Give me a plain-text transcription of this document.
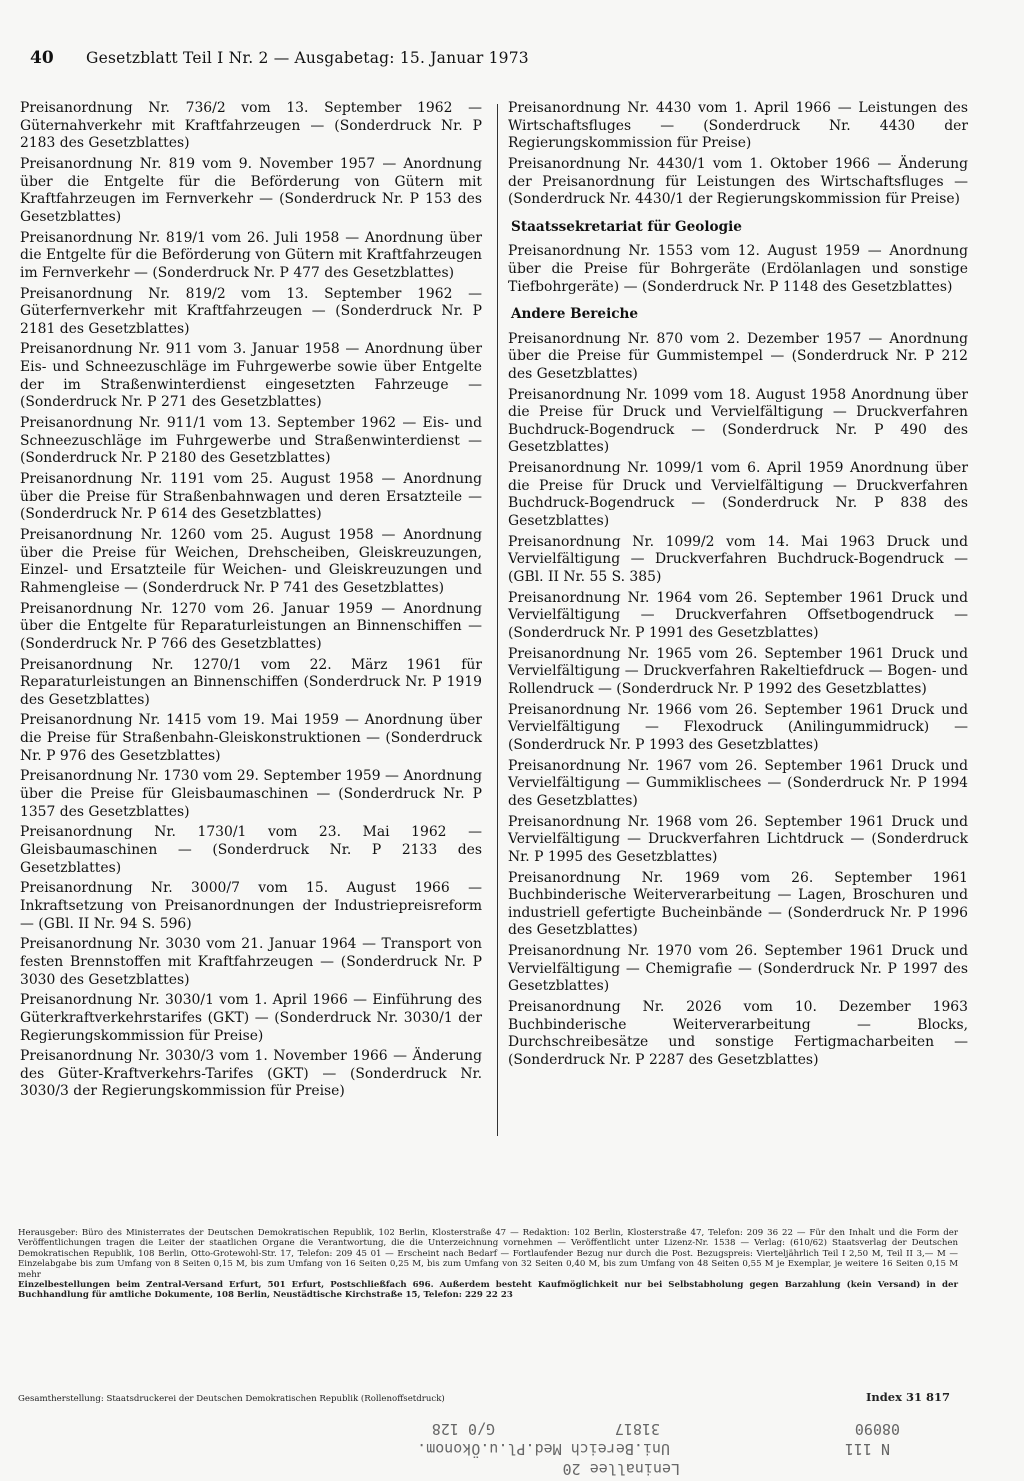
40	Gesetzblatt Teil I Nr. 2 — Ausgabetag: 15. Januar 1973

Preisanordnung Nr. 736/2 vom 13. September 1962 — Güternahverkehr mit Kraftfahrzeugen — (Sonderdruck Nr. P 2183 des Gesetzblattes)

Preisanordnung Nr. 819 vom 9. November 1957 — Anordnung über die Entgelte für die Beförderung von Gütern mit Kraftfahrzeugen im Fernverkehr — (Sonderdruck Nr. P 153 des Gesetzblattes)

Preisanordnung Nr. 819/1 vom 26. Juli 1958 — Anordnung über die Entgelte für die Beförderung von Gütern mit Kraftfahrzeugen im Fernverkehr — (Sonderdruck Nr. P 477 des Gesetzblattes)

Preisanordnung Nr. 819/2 vom 13. September 1962 — Güterfernverkehr mit Kraftfahrzeugen — (Sonderdruck Nr. P 2181 des Gesetzblattes)

Preisanordnung Nr. 911 vom 3. Januar 1958 — Anordnung über Eis- und Schneezuschläge im Fuhrgewerbe sowie über Entgelte der im Straßenwinterdienst eingesetzten Fahrzeuge — (Sonderdruck Nr. P 271 des Gesetzblattes)

Preisanordnung Nr. 911/1 vom 13. September 1962 — Eis- und Schneezuschläge im Fuhrgewerbe und Straßenwinterdienst — (Sonderdruck Nr. P 2180 des Gesetzblattes)

Preisanordnung Nr. 1191 vom 25. August 1958 — Anordnung über die Preise für Straßenbahnwagen und deren Ersatzteile — (Sonderdruck Nr. P 614 des Gesetzblattes)

Preisanordnung Nr. 1260 vom 25. August 1958 — Anordnung über die Preise für Weichen, Drehscheiben, Gleiskreuzungen, Einzel- und Ersatzteile für Weichen- und Gleiskreuzungen und Rahmengleise — (Sonderdruck Nr. P 741 des Gesetzblattes)

Preisanordnung Nr. 1270 vom 26. Januar 1959 — Anordnung über die Entgelte für Reparaturleistungen an Binnenschiffen — (Sonderdruck Nr. P 766 des Gesetzblattes)

Preisanordnung Nr. 1270/1 vom 22. März 1961 für Reparaturleistungen an Binnenschiffen (Sonderdruck Nr. P 1919 des Gesetzblattes)

Preisanordnung Nr. 1415 vom 19. Mai 1959 — Anordnung über die Preise für Straßenbahn-Gleiskonstruktionen — (Sonderdruck Nr. P 976 des Gesetzblattes)

Preisanordnung Nr. 1730 vom 29. September 1959 — Anordnung über die Preise für Gleisbaumaschinen — (Sonderdruck Nr. P 1357 des Gesetzblattes)

Preisanordnung Nr. 1730/1 vom 23. Mai 1962 — Gleisbaumaschinen — (Sonderdruck Nr. P 2133 des Gesetzblattes)

Preisanordnung Nr. 3000/7 vom 15. August 1966 — Inkraftsetzung von Preisanordnungen der Industriepreisreform — (GBl. II Nr. 94 S. 596)

Preisanordnung Nr. 3030 vom 21. Januar 1964 — Transport von festen Brennstoffen mit Kraftfahrzeugen — (Sonderdruck Nr. P 3030 des Gesetzblattes)

Preisanordnung Nr. 3030/1 vom 1. April 1966 — Einführung des Güterkraftverkehrstarifes (GKT) — (Sonderdruck Nr. 3030/1 der Regierungskommission für Preise)

Preisanordnung Nr. 3030/3 vom 1. November 1966 — Änderung des Güter-Kraftverkehrs-Tarifes (GKT) — (Sonderdruck Nr. 3030/3 der Regierungskommission für Preise)

Preisanordnung Nr. 4430 vom 1. April 1966 — Leistungen des Wirtschaftsfluges — (Sonderdruck Nr. 4430 der Regierungskommission für Preise)

Preisanordnung Nr. 4430/1 vom 1. Oktober 1966 — Änderung der Preisanordnung für Leistungen des Wirtschaftsfluges — (Sonderdruck Nr. 4430/1 der Regierungskommission für Preise)

Staatssekretariat für Geologie

Preisanordnung Nr. 1553 vom 12. August 1959 — Anordnung über die Preise für Bohrgeräte (Erdölanlagen und sonstige Tiefbohrgeräte) — (Sonderdruck Nr. P 1148 des Gesetzblattes)

Andere Bereiche

Preisanordnung Nr. 870 vom 2. Dezember 1957 — Anordnung über die Preise für Gummistempel — (Sonderdruck Nr. P 212 des Gesetzblattes)

Preisanordnung Nr. 1099 vom 18. August 1958 Anordnung über die Preise für Druck und Vervielfältigung — Druckverfahren Buchdruck-Bogendruck — (Sonderdruck Nr. P 490 des Gesetzblattes)

Preisanordnung Nr. 1099/1 vom 6. April 1959 Anordnung über die Preise für Druck und Vervielfältigung — Druckverfahren Buchdruck-Bogendruck — (Sonderdruck Nr. P 838 des Gesetzblattes)

Preisanordnung Nr. 1099/2 vom 14. Mai 1963 Druck und Vervielfältigung — Druckverfahren Buchdruck-Bogendruck — (GBl. II Nr. 55 S. 385)

Preisanordnung Nr. 1964 vom 26. September 1961 Druck und Vervielfältigung — Druckverfahren Offsetbogendruck — (Sonderdruck Nr. P 1991 des Gesetzblattes)

Preisanordnung Nr. 1965 vom 26. September 1961 Druck und Vervielfältigung — Druckverfahren Rakeltiefdruck — Bogen- und Rollendruck — (Sonderdruck Nr. P 1992 des Gesetzblattes)

Preisanordnung Nr. 1966 vom 26. September 1961 Druck und Vervielfältigung — Flexodruck (Anilingummidruck) — (Sonderdruck Nr. P 1993 des Gesetzblattes)

Preisanordnung Nr. 1967 vom 26. September 1961 Druck und Vervielfältigung — Gummiklischees — (Sonderdruck Nr. P 1994 des Gesetzblattes)

Preisanordnung Nr. 1968 vom 26. September 1961 Druck und Vervielfältigung — Druckverfahren Lichtdruck — (Sonderdruck Nr. P 1995 des Gesetzblattes)

Preisanordnung Nr. 1969 vom 26. September 1961 Buchbinderische Weiterverarbeitung — Lagen, Broschuren und industriell gefertigte Bucheinbände — (Sonderdruck Nr. P 1996 des Gesetzblattes)

Preisanordnung Nr. 1970 vom 26. September 1961 Druck und Vervielfältigung — Chemigrafie — (Sonderdruck Nr. P 1997 des Gesetzblattes)

Preisanordnung Nr. 2026 vom 10. Dezember 1963 Buchbinderische Weiterverarbeitung — Blocks, Durchschreibesätze und sonstige Fertigmacharbeiten — (Sonderdruck Nr. P 2287 des Gesetzblattes)

Herausgeber: Büro des Ministerrates der Deutschen Demokratischen Republik, 102 Berlin, Klosterstraße 47 — Redaktion: 102 Berlin, Klosterstraße 47, Telefon: 209 36 22 — Für den Inhalt und die Form der Veröffentlichungen tragen die Leiter der staatlichen Organe die Verantwortung, die die Unterzeichnung vornehmen — Veröffentlicht unter Lizenz-Nr. 1538 — Verlag: (610/62) Staatsverlag der Deutschen Demokratischen Republik, 108 Berlin, Otto-Grotewohl-Str. 17, Telefon: 209 45 01 — Erscheint nach Bedarf — Fortlaufender Bezug nur durch die Post. Bezugspreis: Vierteljährlich Teil I 2,50 M, Teil II 3,— M — Einzelabgabe bis zum Umfang von 8 Seiten 0,15 M, bis zum Umfang von 16 Seiten 0,25 M, bis zum Umfang von 32 Seiten 0,40 M, bis zum Umfang von 48 Seiten 0,55 M je Exemplar, je weitere 16 Seiten 0,15 M mehr

Einzelbestellungen beim Zentral-Versand Erfurt, 501 Erfurt, Postschließfach 696. Außerdem besteht Kaufmöglichkeit nur bei Selbstabholung gegen Barzahlung (kein Versand) in der Buchhandlung für amtliche Dokumente, 108 Berlin, Neustädtische Kirchstraße 15, Telefon: 229 22 23

Gesamtherstellung: Staatsdruckerei der Deutschen Demokratischen Republik (Rollenoffsetdruck)	Index 31 817
Leninallee 20
Uni.Bereich Med.Pl.u.Ökonom.	N 111
08090
31817
G/0 128
